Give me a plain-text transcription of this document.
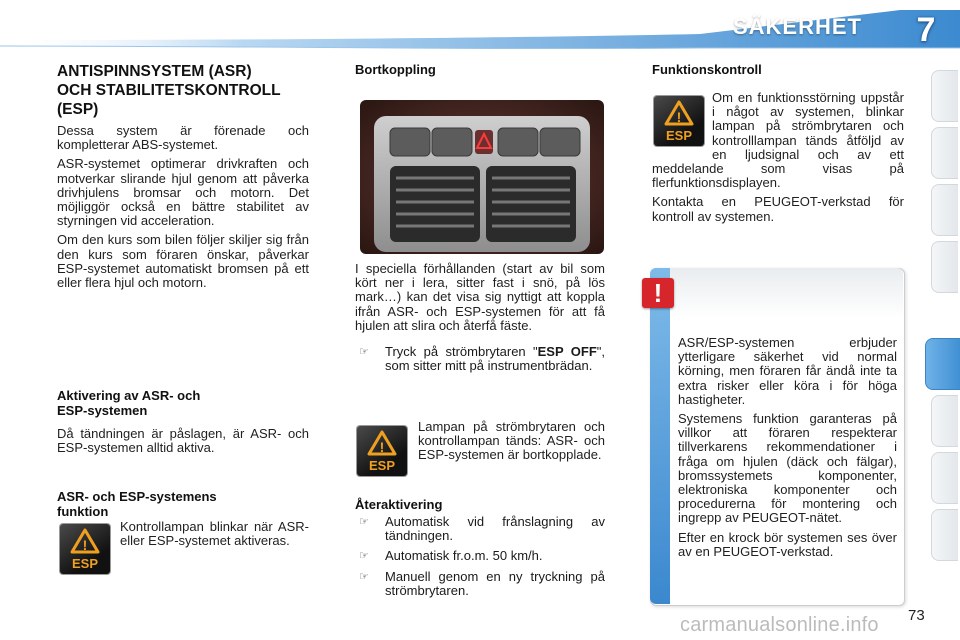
SÄKERHET	7
ANTISPINNSYSTEM (ASR)
OCH STABILITETSKONTROLL
(ESP)

Dessa system är förenade och kompletterar ABS-systemet.

ASR-systemet optimerar drivkraften och motverkar slirande hjul genom att påverka drivhjulens bromsar och motorn. Det möjliggör också en bättre stabilitet av styrningen vid acceleration.

Om den kurs som bilen följer skiljer sig från den kurs som föraren önskar, påverkar ESP-systemet automatiskt bromsen på ett eller flera hjul och motorn.

Aktivering av ASR- och
ESP-systemen
Då tändningen är påslagen, är ASR- och ESP-systemen alltid aktiva.
ASR- och ESP-systemens
funktion
!
ESP
Kontrollampan blinkar när ASR- eller ESP-systemet aktiveras.
Bortkoppling
I speciella förhållanden (start av bil som kört ner i lera, sitter fast i snö, på lös mark…) kan det visa sig nyttigt att koppla ifrån ASR- och ESP-systemen för att få hjulen att slira och återfå fäste.
☞	Tryck på strömbrytaren "ESP OFF", som sitter mitt på instrumentbrädan.
!
ESP
Lampan på strömbrytaren och kontrollampan tänds: ASR- och ESP-systemen är bortkopplade.
Återaktivering
☞	Automatisk vid frånslagning av tändningen.
☞	Automatisk fr.o.m. 50 km/h.
☞	Manuell genom en ny tryckning på strömbrytaren.
Funktionskontroll
!
ESP

Om en funktionsstörning uppstår i något av systemen, blinkar lampan på strömbrytaren och kontrolllampan tänds åtföljd av en ljudsignal och av ett meddelande som visas på flerfunktionsdisplayen.

Kontakta en PEUGEOT-verkstad för kontroll av systemen.

!

ASR/ESP-systemen erbjuder ytterligare säkerhet vid normal körning, men föraren får ändå inte ta extra risker eller köra i för höga hastigheter.

Systemens funktion garanteras på villkor att föraren respekterar tillverkarens rekommendationer i fråga om hjulen (däck och fälgar), bromssystemets komponenter, elektroniska komponenter och procedurerna för montering och ingrepp av PEUGEOT-nätet.

Efter en krock bör systemen ses över av en PEUGEOT-verkstad.

carmanualsonline.info 73
